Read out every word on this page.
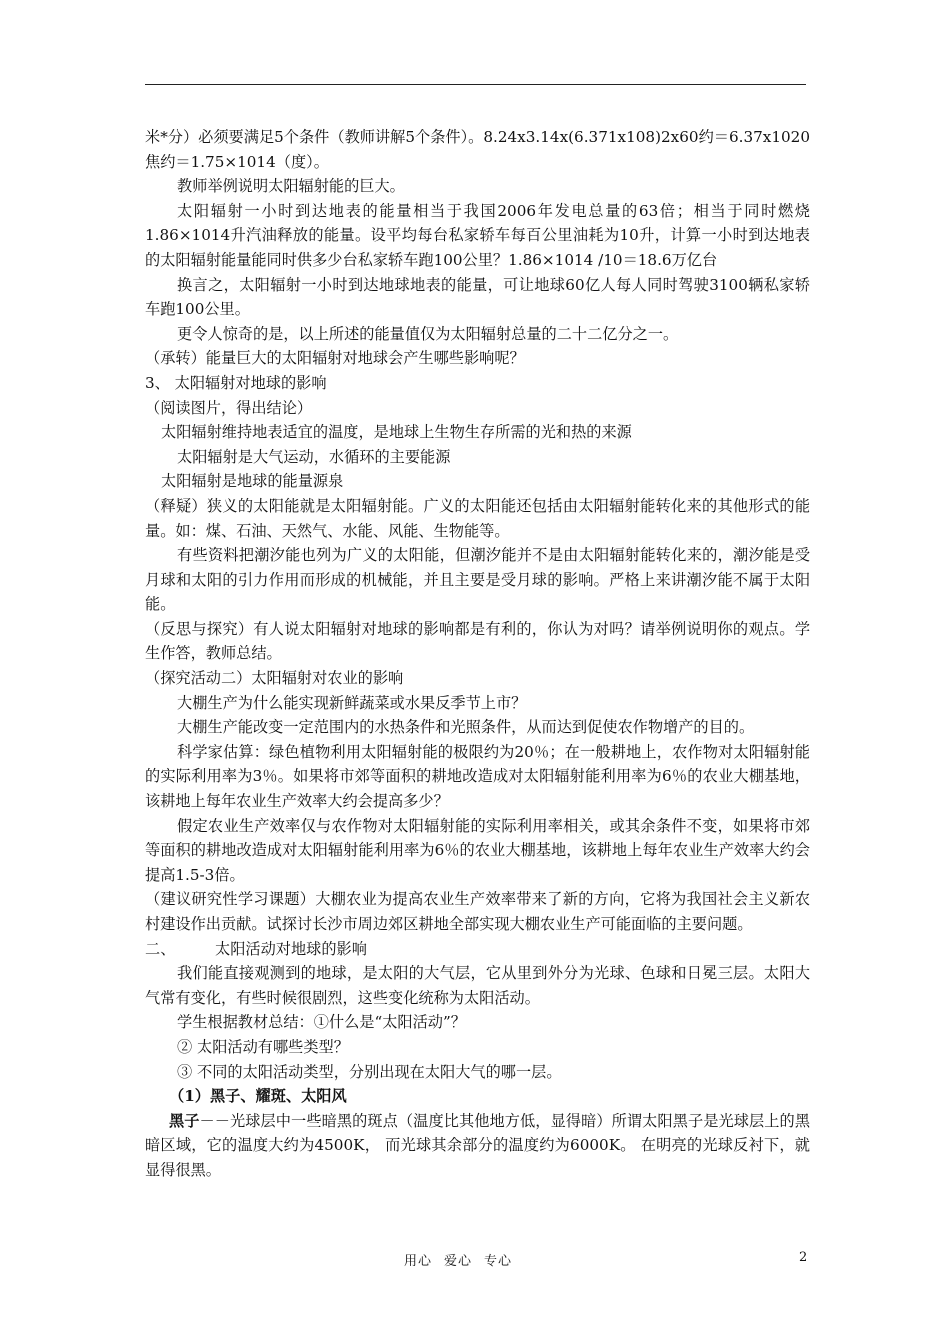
米*分）必须要满足5个条件（教师讲解5个条件）。8.24x3.14x(6.371x108)2x60约＝6.37x1020焦约＝1.75×1014（度）。

教师举例说明太阳辐射能的巨大。

太阳辐射一小时到达地表的能量相当于我国2006年发电总量的63倍；相当于同时燃烧1.86×1014升汽油释放的能量。设平均每台私家轿车每百公里油耗为10升，计算一小时到达地表的太阳辐射能量能同时供多少台私家轿车跑100公里？1.86×1014 /10＝18.6万亿台

换言之，太阳辐射一小时到达地球地表的能量，可让地球60亿人每人同时驾驶3100辆私家轿车跑100公里。

更令人惊奇的是，以上所述的能量值仅为太阳辐射总量的二十二亿分之一。

（承转）能量巨大的太阳辐射对地球会产生哪些影响呢？

3、 太阳辐射对地球的影响

（阅读图片，得出结论）

太阳辐射维持地表适宜的温度，是地球上生物生存所需的光和热的来源

太阳辐射是大气运动，水循环的主要能源

太阳辐射是地球的能量源泉

（释疑）狭义的太阳能就是太阳辐射能。广义的太阳能还包括由太阳辐射能转化来的其他形式的能量。如：煤、石油、天然气、水能、风能、生物能等。

有些资料把潮汐能也列为广义的太阳能，但潮汐能并不是由太阳辐射能转化来的，潮汐能是受月球和太阳的引力作用而形成的机械能，并且主要是受月球的影响。严格上来讲潮汐能不属于太阳能。

（反思与探究）有人说太阳辐射对地球的影响都是有利的，你认为对吗？请举例说明你的观点。学生作答，教师总结。

（探究活动二）太阳辐射对农业的影响

大棚生产为什么能实现新鲜蔬菜或水果反季节上市？

大棚生产能改变一定范围内的水热条件和光照条件，从而达到促使农作物增产的目的。

科学家估算：绿色植物利用太阳辐射能的极限约为20％；在一般耕地上，农作物对太阳辐射能的实际利用率为3％。如果将市郊等面积的耕地改造成对太阳辐射能利用率为6％的农业大棚基地，该耕地上每年农业生产效率大约会提高多少？

假定农业生产效率仅与农作物对太阳辐射能的实际利用率相关，或其余条件不变，如果将市郊等面积的耕地改造成对太阳辐射能利用率为6％的农业大棚基地，该耕地上每年农业生产效率大约会提高1.5-3倍。

（建议研究性学习课题）大棚农业为提高农业生产效率带来了新的方向，它将为我国社会主义新农村建设作出贡献。试探讨长沙市周边郊区耕地全部实现大棚农业生产可能面临的主要问题。

二、	太阳活动对地球的影响

我们能直接观测到的地球，是太阳的大气层，它从里到外分为光球、色球和日冕三层。太阳大气常有变化，有些时候很剧烈，这些变化统称为太阳活动。

学生根据教材总结：①什么是“太阳活动”？

② 太阳活动有哪些类型？

③ 不同的太阳活动类型，分别出现在太阳大气的哪一层。

（1）黑子、耀斑、太阳风

黑子－－光球层中一些暗黑的斑点（温度比其他地方低，显得暗）所谓太阳黑子是光球层上的黑暗区域，它的温度大约为4500K， 而光球其余部分的温度约为6000K。 在明亮的光球反衬下，就显得很黑。

用心 爱心 专心	2
